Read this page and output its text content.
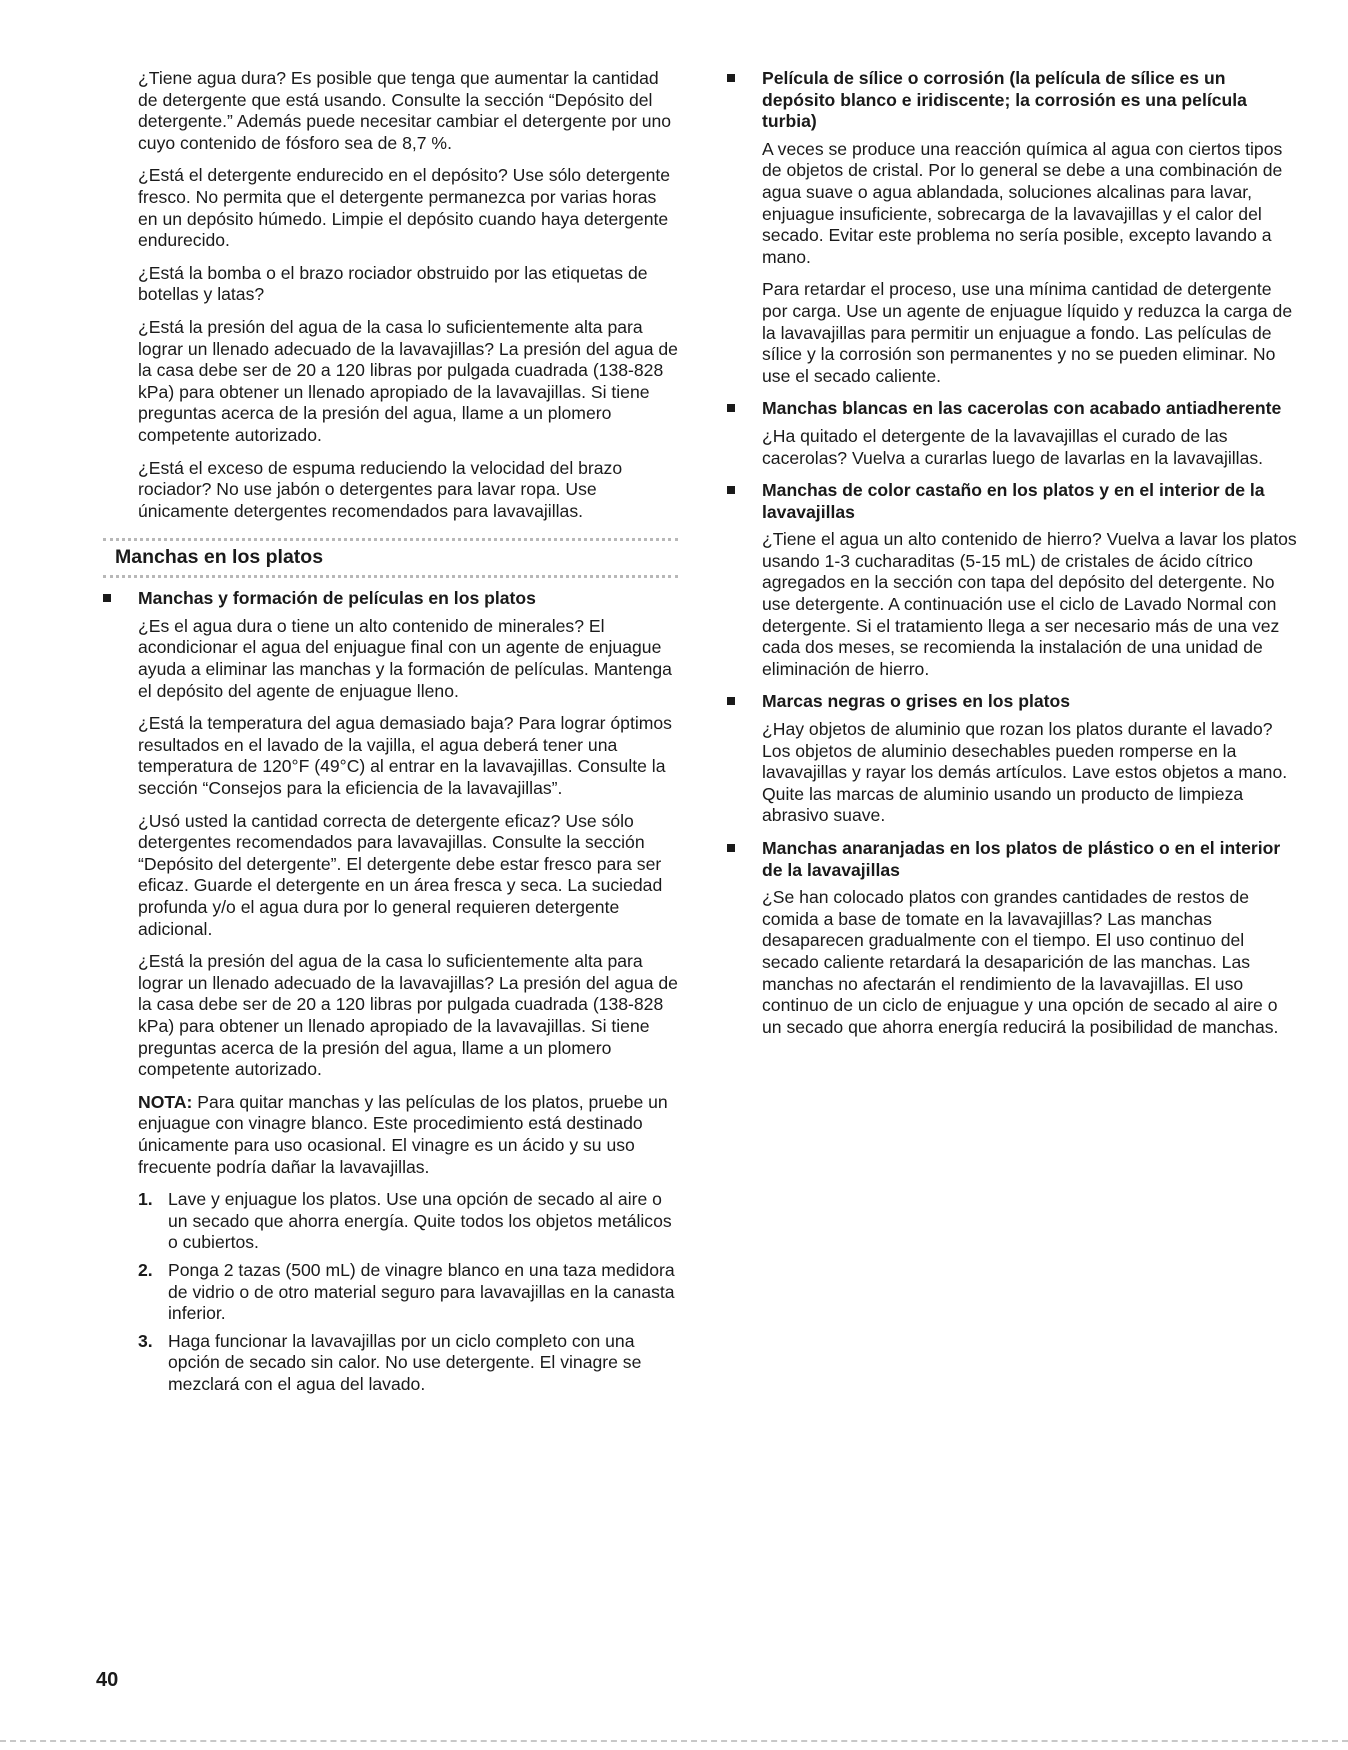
¿Tiene agua dura? Es posible que tenga que aumentar la cantidad de detergente que está usando. Consulte la sección “Depósito del detergente.” Además puede necesitar cambiar el detergente por uno cuyo contenido de fósforo sea de 8,7 %.

¿Está el detergente endurecido en el depósito? Use sólo detergente fresco. No permita que el detergente permanezca por varias horas en un depósito húmedo. Limpie el depósito cuando haya detergente endurecido.

¿Está la bomba o el brazo rociador obstruido por las etiquetas de botellas y latas?

¿Está la presión del agua de la casa lo suficientemente alta para lograr un llenado adecuado de la lavavajillas? La presión del agua de la casa debe ser de 20 a 120 libras por pulgada cuadrada (138-828 kPa) para obtener un llenado apropiado de la lavavajillas. Si tiene preguntas acerca de la presión del agua, llame a un plomero competente autorizado.

¿Está el exceso de espuma reduciendo la velocidad del brazo rociador? No use jabón o detergentes para lavar ropa. Use únicamente detergentes recomendados para lavavajillas.

Manchas en los platos
Manchas y formación de películas en los platos

¿Es el agua dura o tiene un alto contenido de minerales? El acondicionar el agua del enjuague final con un agente de enjuague ayuda a eliminar las manchas y la formación de películas. Mantenga el depósito del agente de enjuague lleno.

¿Está la temperatura del agua demasiado baja? Para lograr óptimos resultados en el lavado de la vajilla, el agua deberá tener una temperatura de 120°F (49°C) al entrar en la lavavajillas. Consulte la sección “Consejos para la eficiencia de la lavavajillas”.

¿Usó usted la cantidad correcta de detergente eficaz? Use sólo detergentes recomendados para lavavajillas. Consulte la sección “Depósito del detergente”. El detergente debe estar fresco para ser eficaz. Guarde el detergente en un área fresca y seca. La suciedad profunda y/o el agua dura por lo general requieren detergente adicional.

¿Está la presión del agua de la casa lo suficientemente alta para lograr un llenado adecuado de la lavavajillas? La presión del agua de la casa debe ser de 20 a 120 libras por pulgada cuadrada (138-828 kPa) para obtener un llenado apropiado de la lavavajillas. Si tiene preguntas acerca de la presión del agua, llame a un plomero competente autorizado.

NOTA: Para quitar manchas y las películas de los platos, pruebe un enjuague con vinagre blanco. Este procedimiento está destinado únicamente para uso ocasional. El vinagre es un ácido y su uso frecuente podría dañar la lavavajillas.

1. Lave y enjuague los platos. Use una opción de secado al aire o un secado que ahorra energía. Quite todos los objetos metálicos o cubiertos.
2. Ponga 2 tazas (500 mL) de vinagre blanco en una taza medidora de vidrio o de otro material seguro para lavavajillas en la canasta inferior.
3. Haga funcionar la lavavajillas por un ciclo completo con una opción de secado sin calor. No use detergente. El vinagre se mezclará con el agua del lavado.
Película de sílice o corrosión (la película de sílice es un depósito blanco e iridiscente; la corrosión es una película turbia)

A veces se produce una reacción química al agua con ciertos tipos de objetos de cristal. Por lo general se debe a una combinación de agua suave o agua ablandada, soluciones alcalinas para lavar, enjuague insuficiente, sobrecarga de la lavavajillas y el calor del secado. Evitar este problema no sería posible, excepto lavando a mano.

Para retardar el proceso, use una mínima cantidad de detergente por carga. Use un agente de enjuague líquido y reduzca la carga de la lavavajillas para permitir un enjuague a fondo. Las películas de sílice y la corrosión son permanentes y no se pueden eliminar. No use el secado caliente.

Manchas blancas en las cacerolas con acabado antiadherente

¿Ha quitado el detergente de la lavavajillas el curado de las cacerolas? Vuelva a curarlas luego de lavarlas en la lavavajillas.

Manchas de color castaño en los platos y en el interior de la lavavajillas

¿Tiene el agua un alto contenido de hierro? Vuelva a lavar los platos usando 1-3 cucharaditas (5-15 mL) de cristales de ácido cítrico agregados en la sección con tapa del depósito del detergente. No use detergente. A continuación use el ciclo de Lavado Normal con detergente. Si el tratamiento llega a ser necesario más de una vez cada dos meses, se recomienda la instalación de una unidad de eliminación de hierro.

Marcas negras o grises en los platos

¿Hay objetos de aluminio que rozan los platos durante el lavado? Los objetos de aluminio desechables pueden romperse en la lavavajillas y rayar los demás artículos. Lave estos objetos a mano. Quite las marcas de aluminio usando un producto de limpieza abrasivo suave.

Manchas anaranjadas en los platos de plástico o en el interior de la lavavajillas

¿Se han colocado platos con grandes cantidades de restos de comida a base de tomate en la lavavajillas? Las manchas desaparecen gradualmente con el tiempo. El uso continuo del secado caliente retardará la desaparición de las manchas. Las manchas no afectarán el rendimiento de la lavavajillas. El uso continuo de un ciclo de enjuague y una opción de secado al aire o un secado que ahorra energía reducirá la posibilidad de manchas.

40
